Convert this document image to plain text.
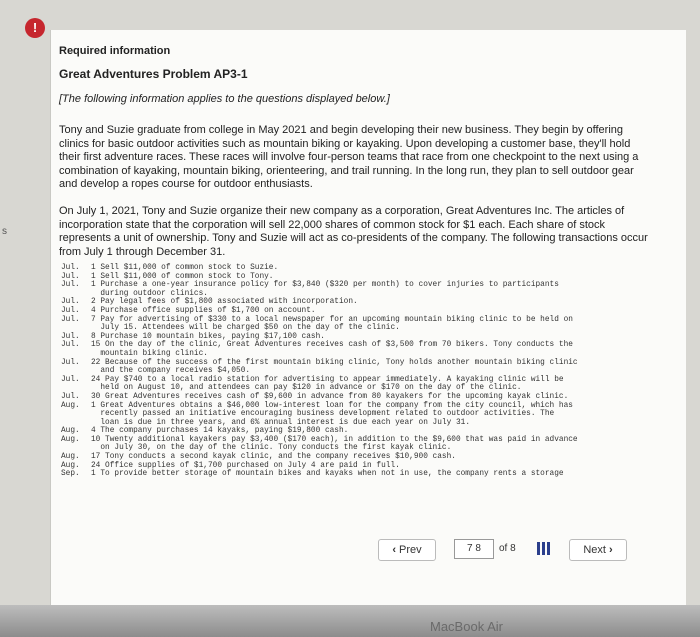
!
s
Required information
Great Adventures Problem AP3-1
[The following information applies to the questions displayed below.]
Tony and Suzie graduate from college in May 2021 and begin developing their new business. They begin by offering clinics for basic outdoor activities such as mountain biking or kayaking. Upon developing a customer base, they'll hold their first adventure races. These races will involve four-person teams that race from one checkpoint to the next using a combination of kayaking, mountain biking, orienteering, and trail running. In the long run, they plan to sell outdoor gear and develop a ropes course for outdoor enthusiasts.
On July 1, 2021, Tony and Suzie organize their new company as a corporation, Great Adventures Inc. The articles of incorporation state that the corporation will sell 22,000 shares of common stock for $1 each. Each share of stock represents a unit of ownership. Tony and Suzie will act as co-presidents of the company. The following transactions occur from July 1 through December 31.
Jul.	1 Sell $11,000 of common stock to Suzie.
Jul.	1 Sell $11,000 of common stock to Tony.
Jul.	1 Purchase a one-year insurance policy for $3,840 ($320 per month) to cover injuries to participants
during outdoor clinics.
Jul.	2 Pay legal fees of $1,800 associated with incorporation.
Jul.	4 Purchase office supplies of $1,700 on account.
Jul.	7 Pay for advertising of $330 to a local newspaper for an upcoming mountain biking clinic to be held on
July 15. Attendees will be charged $50 on the day of the clinic.
Jul.	8 Purchase 10 mountain bikes, paying $17,100 cash.
Jul.	15 On the day of the clinic, Great Adventures receives cash of $3,500 from 70 bikers. Tony conducts the
mountain biking clinic.
Jul.	22 Because of the success of the first mountain biking clinic, Tony holds another mountain biking clinic
and the company receives $4,050.
Jul.	24 Pay $740 to a local radio station for advertising to appear immediately. A kayaking clinic will be
held on August 10, and attendees can pay $120 in advance or $170 on the day of the clinic.
Jul.	30 Great Adventures receives cash of $9,600 in advance from 80 kayakers for the upcoming kayak clinic.
Aug.	1 Great Adventures obtains a $46,000 low-interest loan for the company from the city council, which has
recently passed an initiative encouraging business development related to outdoor activities. The
loan is due in three years, and 6% annual interest is due each year on July 31.
Aug.	4 The company purchases 14 kayaks, paying $19,800 cash.
Aug.	10 Twenty additional kayakers pay $3,400 ($170 each), in addition to the $9,600 that was paid in advance
on July 30, on the day of the clinic. Tony conducts the first kayak clinic.
Aug.	17 Tony conducts a second kayak clinic, and the company receives $10,900 cash.
Aug.	24 Office supplies of $1,700 purchased on July 4 are paid in full.
Sep.	1 To provide better storage of mountain bikes and kayaks when not in use, the company rents a storage
‹ Prev	7 8	of 8	Next ›
MacBook Air
